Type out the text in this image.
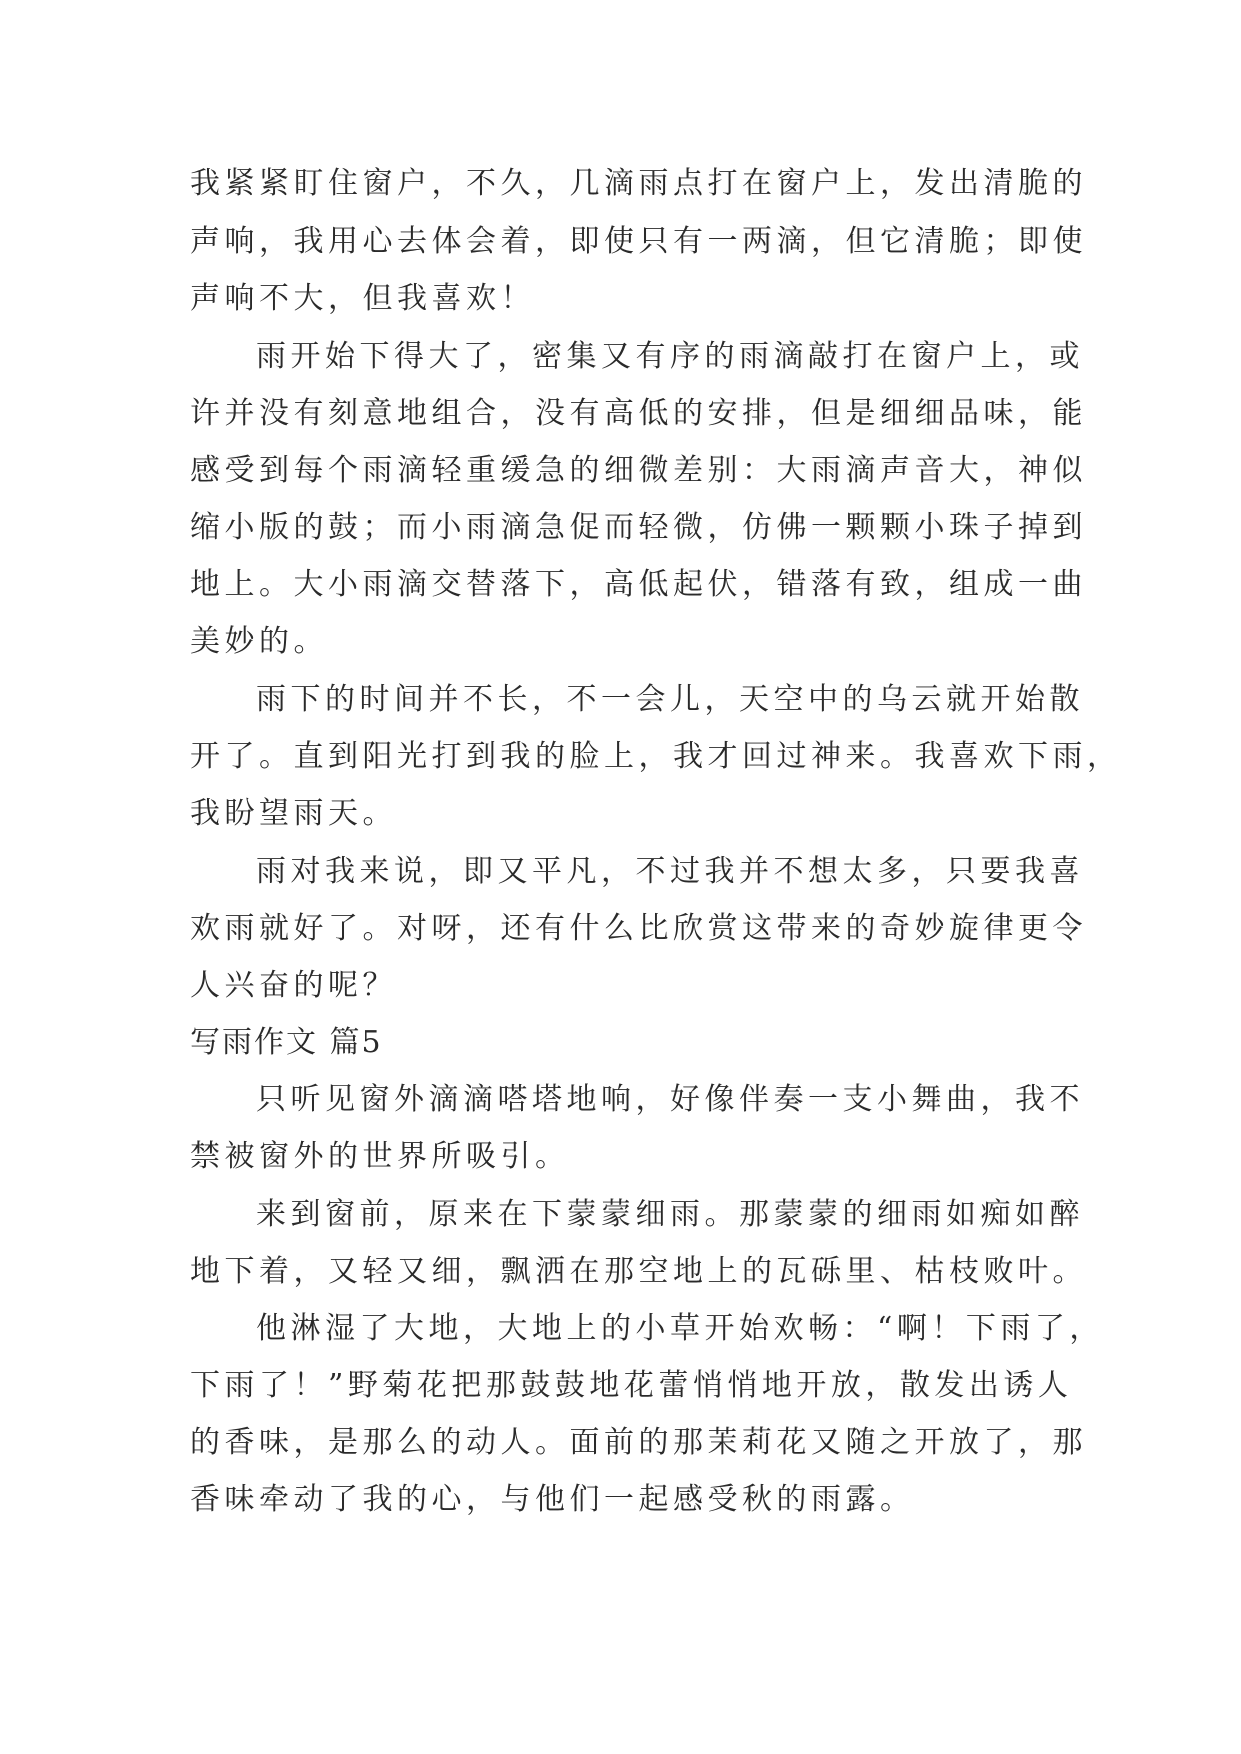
我紧紧盯住窗户，不久，几滴雨点打在窗户上，发出清脆的
声响，我用心去体会着，即使只有一两滴，但它清脆；即使
声响不大，但我喜欢！
雨开始下得大了，密集又有序的雨滴敲打在窗户上，或
许并没有刻意地组合，没有高低的安排，但是细细品味，能
感受到每个雨滴轻重缓急的细微差别：大雨滴声音大，神似
缩小版的鼓；而小雨滴急促而轻微，仿佛一颗颗小珠子掉到
地上。大小雨滴交替落下，高低起伏，错落有致，组成一曲
美妙的。
雨下的时间并不长，不一会儿，天空中的乌云就开始散
开了。直到阳光打到我的脸上，我才回过神来。我喜欢下雨，
我盼望雨天。
雨对我来说，即又平凡，不过我并不想太多，只要我喜
欢雨就好了。对呀，还有什么比欣赏这带来的奇妙旋律更令
人兴奋的呢？
写雨作文 篇5
只听见窗外滴滴嗒塔地响，好像伴奏一支小舞曲，我不
禁被窗外的世界所吸引。
来到窗前，原来在下蒙蒙细雨。那蒙蒙的细雨如痴如醉
地下着，又轻又细，飘洒在那空地上的瓦砾里、枯枝败叶。
他淋湿了大地，大地上的小草开始欢畅：“啊！下雨了，
下雨了！”野菊花把那鼓鼓地花蕾悄悄地开放，散发出诱人
的香味，是那么的动人。面前的那茉莉花又随之开放了，那
香味牵动了我的心，与他们一起感受秋的雨露。
